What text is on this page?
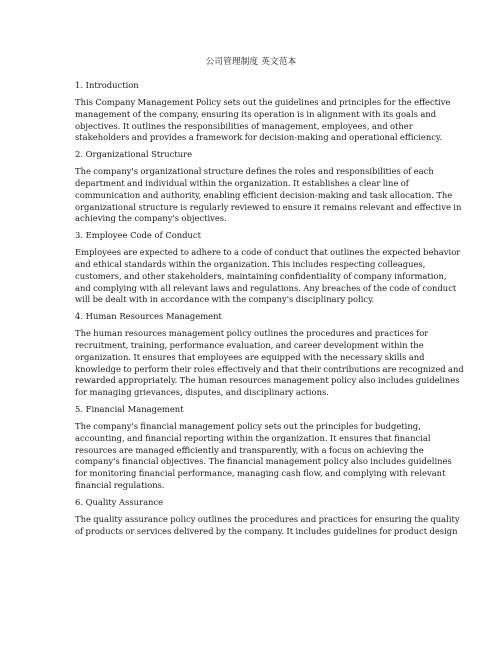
公司管理制度 英文范本
1. Introduction

This Company Management Policy sets out the guidelines and principles for the effective
management of the company, ensuring its operation is in alignment with its goals and
objectives. It outlines the responsibilities of management, employees, and other
stakeholders and provides a framework for decision-making and operational efficiency.

2. Organizational Structure

The company's organizational structure defines the roles and responsibilities of each
department and individual within the organization. It establishes a clear line of
communication and authority, enabling efficient decision-making and task allocation. The
organizational structure is regularly reviewed to ensure it remains relevant and effective in
achieving the company's objectives.

3. Employee Code of Conduct

Employees are expected to adhere to a code of conduct that outlines the expected behavior
and ethical standards within the organization. This includes respecting colleagues,
customers, and other stakeholders, maintaining confidentiality of company information,
and complying with all relevant laws and regulations. Any breaches of the code of conduct
will be dealt with in accordance with the company's disciplinary policy.

4. Human Resources Management

The human resources management policy outlines the procedures and practices for
recruitment, training, performance evaluation, and career development within the
organization. It ensures that employees are equipped with the necessary skills and
knowledge to perform their roles effectively and that their contributions are recognized and
rewarded appropriately. The human resources management policy also includes guidelines
for managing grievances, disputes, and disciplinary actions.

5. Financial Management

The company's financial management policy sets out the principles for budgeting,
accounting, and financial reporting within the organization. It ensures that financial
resources are managed efficiently and transparently, with a focus on achieving the
company's financial objectives. The financial management policy also includes guidelines
for monitoring financial performance, managing cash flow, and complying with relevant
financial regulations.

6. Quality Assurance

The quality assurance policy outlines the procedures and practices for ensuring the quality
of products or services delivered by the company. It includes guidelines for product design
